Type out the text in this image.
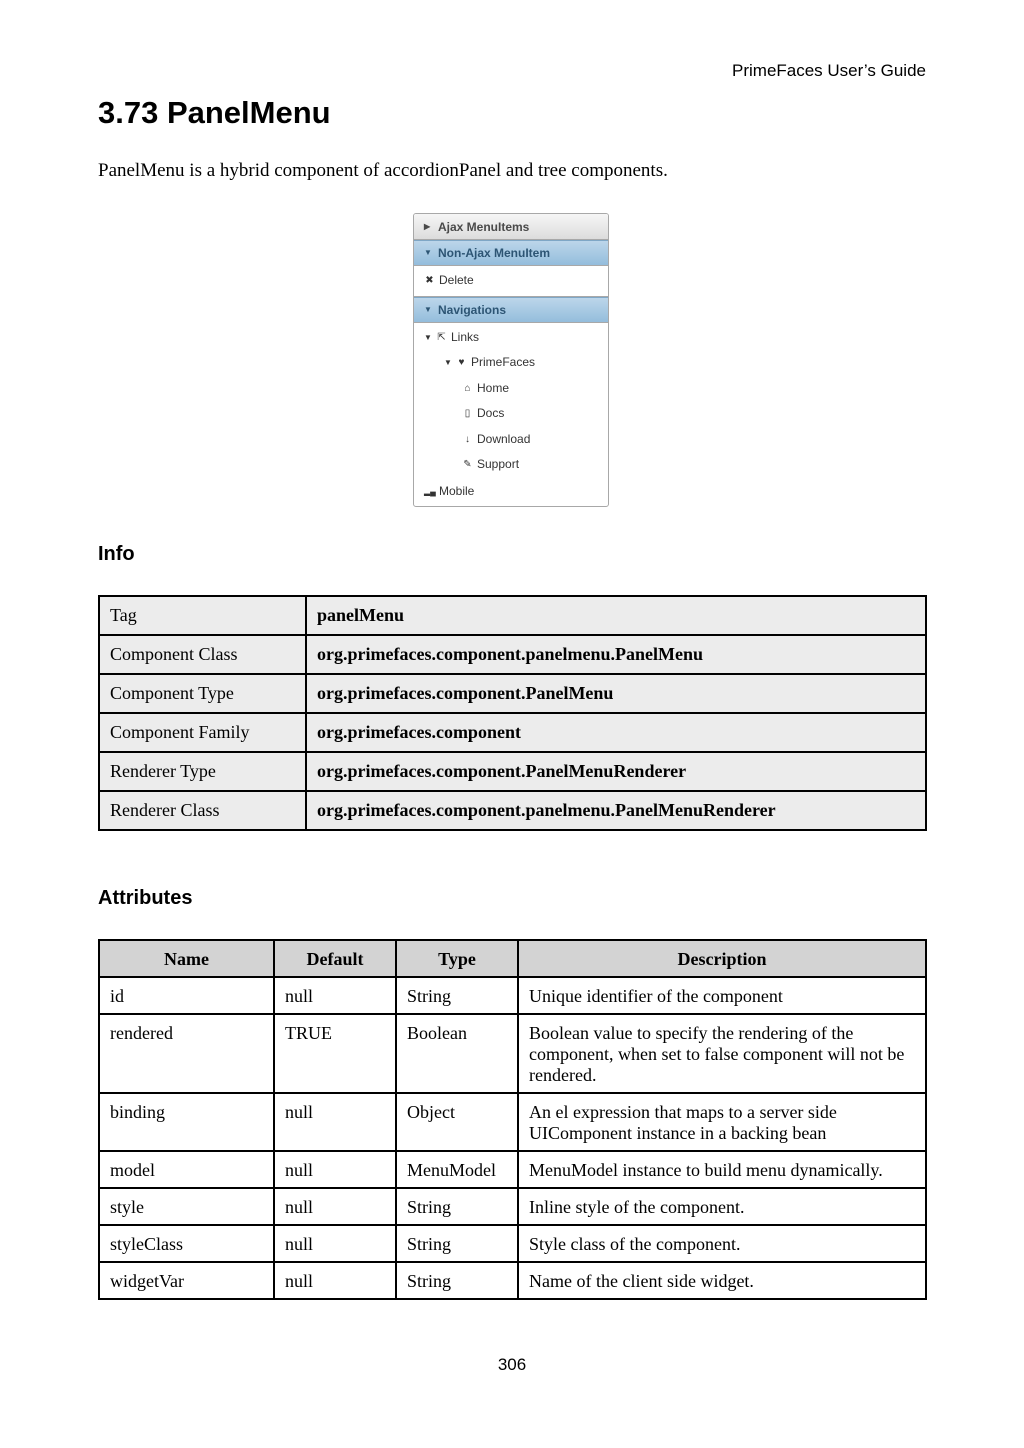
PrimeFaces User’s Guide
3.73 PanelMenu

PanelMenu is a hybrid component of accordionPanel and tree components.

▶ Ajax MenuItems
▼ Non-Ajax MenuItem
✖ Delete
▼ Navigations
▼ ⇱ Links
▼ ♥ PrimeFaces
⌂ Home
▯ Docs
↓ Download
✎ Support
▂▄ Mobile
Info
Tag	panelMenu
Component Class	org.primefaces.component.panelmenu.PanelMenu
Component Type	org.primefaces.component.PanelMenu
Component Family	org.primefaces.component
Renderer Type	org.primefaces.component.PanelMenuRenderer
Renderer Class	org.primefaces.component.panelmenu.PanelMenuRenderer
Attributes
Name	Default	Type	Description
id	null	String	Unique identifier of the component
rendered	TRUE	Boolean	Boolean value to specify the rendering of the component, when set to false component will not be rendered.
binding	null	Object	An el expression that maps to a server side UIComponent instance in a backing bean
model	null	MenuModel	MenuModel instance to build menu dynamically.
style	null	String	Inline style of the component.
styleClass	null	String	Style class of the component.
widgetVar	null	String	Name of the client side widget.
306
